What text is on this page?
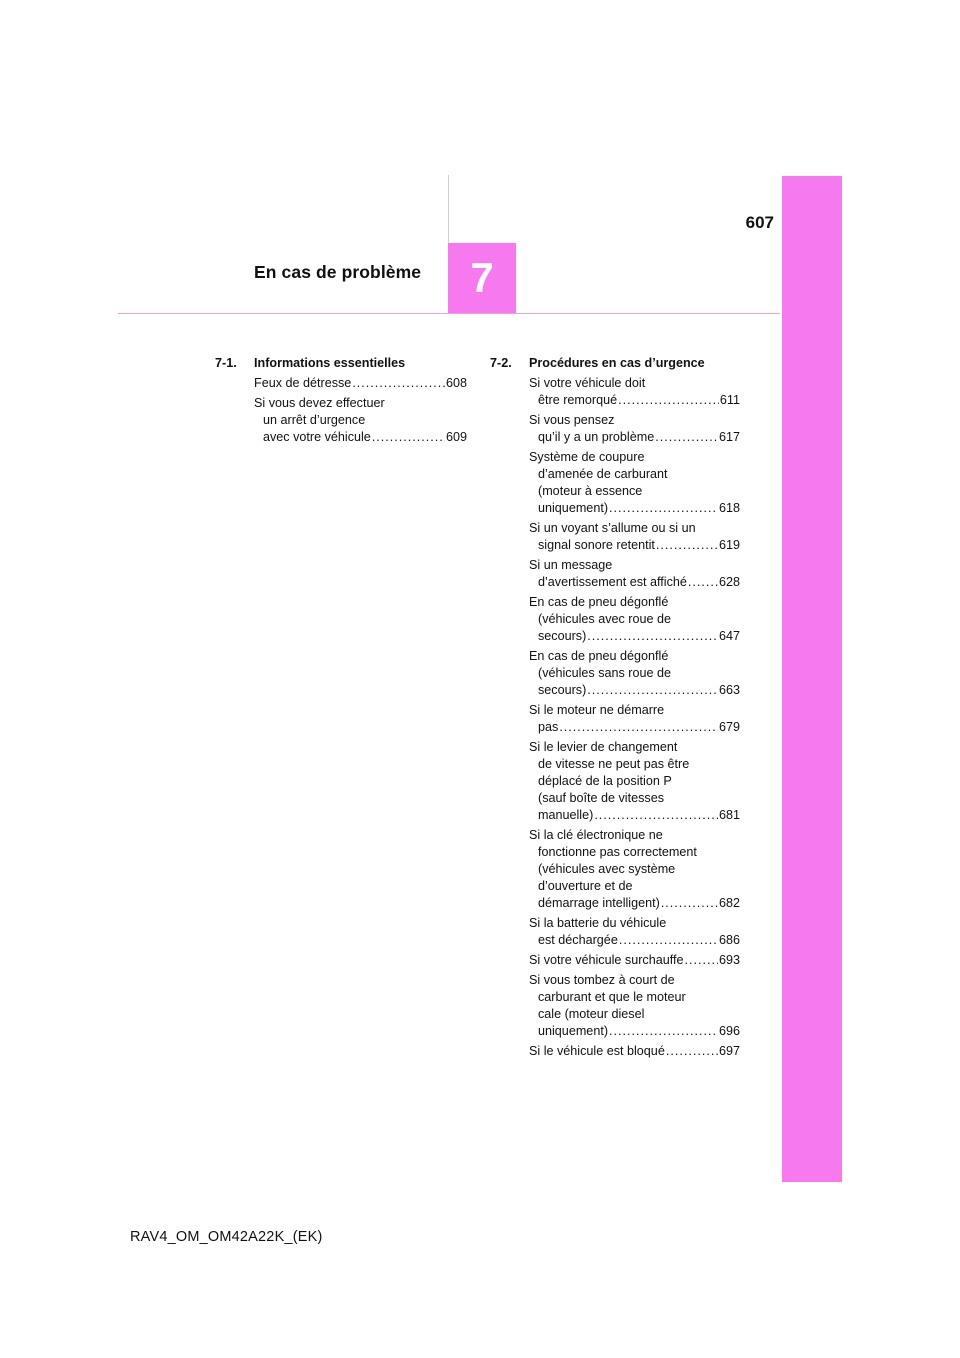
607
En cas de problème 7
7-1.	Informations essentielles
Feux de détresse .....	608
Si vous devez effectuer
un arrêt d’urgence
avec votre véhicule .....	609
7-2.	Procédures en cas d’urgence
Si votre véhicule doit
être remorqué .....	611
Si vous pensez
qu’il y a un problème .....	617
Système de coupure
d’amenée de carburant
(moteur à essence
uniquement) .....	618
Si un voyant s’allume ou si un
signal sonore retentit .....	619
Si un message
d’avertissement est affiché .....	628
En cas de pneu dégonflé
(véhicules avec roue de
secours) .....	647
En cas de pneu dégonflé
(véhicules sans roue de
secours) .....	663
Si le moteur ne démarre
pas .....	679
Si le levier de changement
de vitesse ne peut pas être
déplacé de la position P
(sauf boîte de vitesses
manuelle) .....	681
Si la clé électronique ne
fonctionne pas correctement
(véhicules avec système
d’ouverture et de
démarrage intelligent) .....	682
Si la batterie du véhicule
est déchargée .....	686
Si votre véhicule surchauffe .....	693
Si vous tombez à court de
carburant et que le moteur
cale (moteur diesel
uniquement) .....	696
Si le véhicule est bloqué .....	697
RAV4_OM_OM42A22K_(EK)
